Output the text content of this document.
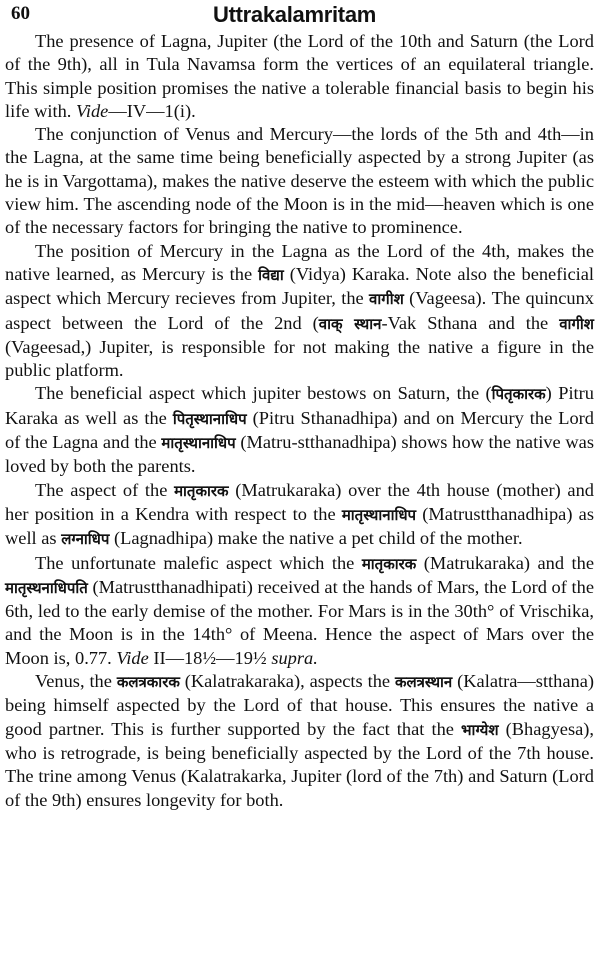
60	Uttrakalamritam

The presence of Lagna, Jupiter (the Lord of the 10th and Saturn (the Lord of the 9th), all in Tula Navamsa form the vertices of an equilateral triangle. This simple position promises the native a tolerable financial basis to begin his life with. Vide—IV—1(i).

The conjunction of Venus and Mercury—the lords of the 5th and 4th—in the Lagna, at the same time being beneficially aspected by a strong Jupiter (as he is in Vargottama), makes the native deserve the esteem with which the public view him. The ascending node of the Moon is in the mid—heaven which is one of the necessary factors for bringing the native to prominence.

The position of Mercury in the Lagna as the Lord of the 4th, makes the native learned, as Mercury is the विद्या (Vidya) Karaka. Note also the beneficial aspect which Mercury recieves from Jupiter, the वागीश (Vageesa). The quincunx aspect between the Lord of the 2nd (वाक् स्थान-Vak Sthana and the वागीश (Vageesad,) Jupiter, is responsible for not making the native a figure in the public platform.

The beneficial aspect which jupiter bestows on Saturn, the (पितृकारक) Pitru Karaka as well as the पितृस्थानाधिप (Pitru Sthanadhipa) and on Mercury the Lord of the Lagna and the मातृस्थानाधिप (Matru-stthanadhipa) shows how the native was loved by both the parents.

The aspect of the मातृकारक (Matrukaraka) over the 4th house (mother) and her position in a Kendra with respect to the मातृस्थानाधिप (Matrustthanadhipa) as well as लग्नाधिप (Lagnadhipa) make the native a pet child of the mother.

The unfortunate malefic aspect which the मातृकारक (Matrukaraka) and the मातृस्थनाधिपति (Matrustthanadhipati) received at the hands of Mars, the Lord of the 6th, led to the early demise of the mother. For Mars is in the 30th° of Vrischika, and the Moon is in the 14th° of Meena. Hence the aspect of Mars over the Moon is, 0.77. Vide II—18½—19½ supra.

Venus, the कलत्रकारक (Kalatrakaraka), aspects the कलत्रस्थान (Kalatra—stthana) being himself aspected by the Lord of that house. This ensures the native a good partner. This is further supported by the fact that the भाग्येश (Bhagyesa), who is retrograde, is being beneficially aspected by the Lord of the 7th house. The trine among Venus (Kalatrakarka, Jupiter (lord of the 7th) and Saturn (Lord of the 9th) ensures longevity for both.
